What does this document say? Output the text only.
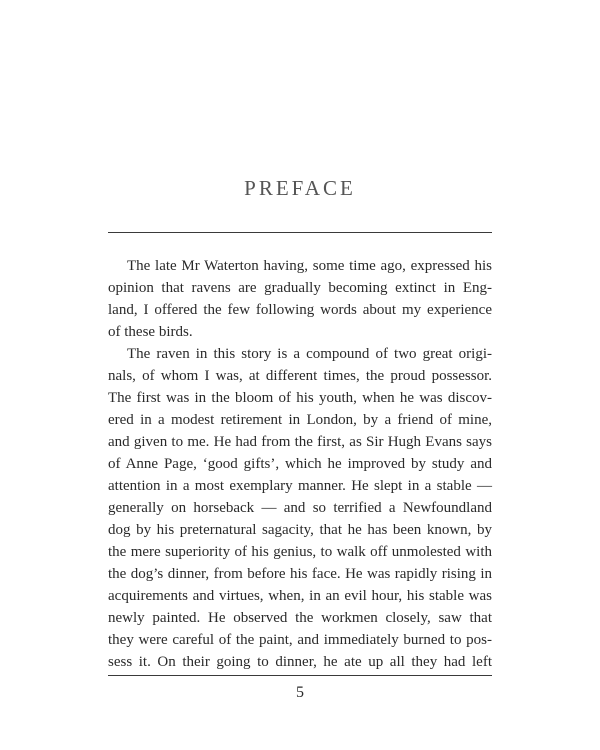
PREFACE
The late Mr Waterton having, some time ago, expressed his
opinion that ravens are gradually becoming extinct in Eng-
land, I offered the few following words about my experience
of these birds.
The raven in this story is a compound of two great origi-
nals, of whom I was, at different times, the proud possessor.
The first was in the bloom of his youth, when he was discov-
ered in a modest retirement in London, by a friend of mine,
and given to me. He had from the first, as Sir Hugh Evans says
of Anne Page, ‘good gifts’, which he improved by study and
attention in a most exemplary manner. He slept in a stable —
generally on horseback — and so terrified a Newfoundland
dog by his preternatural sagacity, that he has been known, by
the mere superiority of his genius, to walk off unmolested with
the dog’s dinner, from before his face. He was rapidly rising in
acquirements and virtues, when, in an evil hour, his stable was
newly painted. He observed the workmen closely, saw that
they were careful of the paint, and immediately burned to pos-
sess it. On their going to dinner, he ate up all they had left
5
